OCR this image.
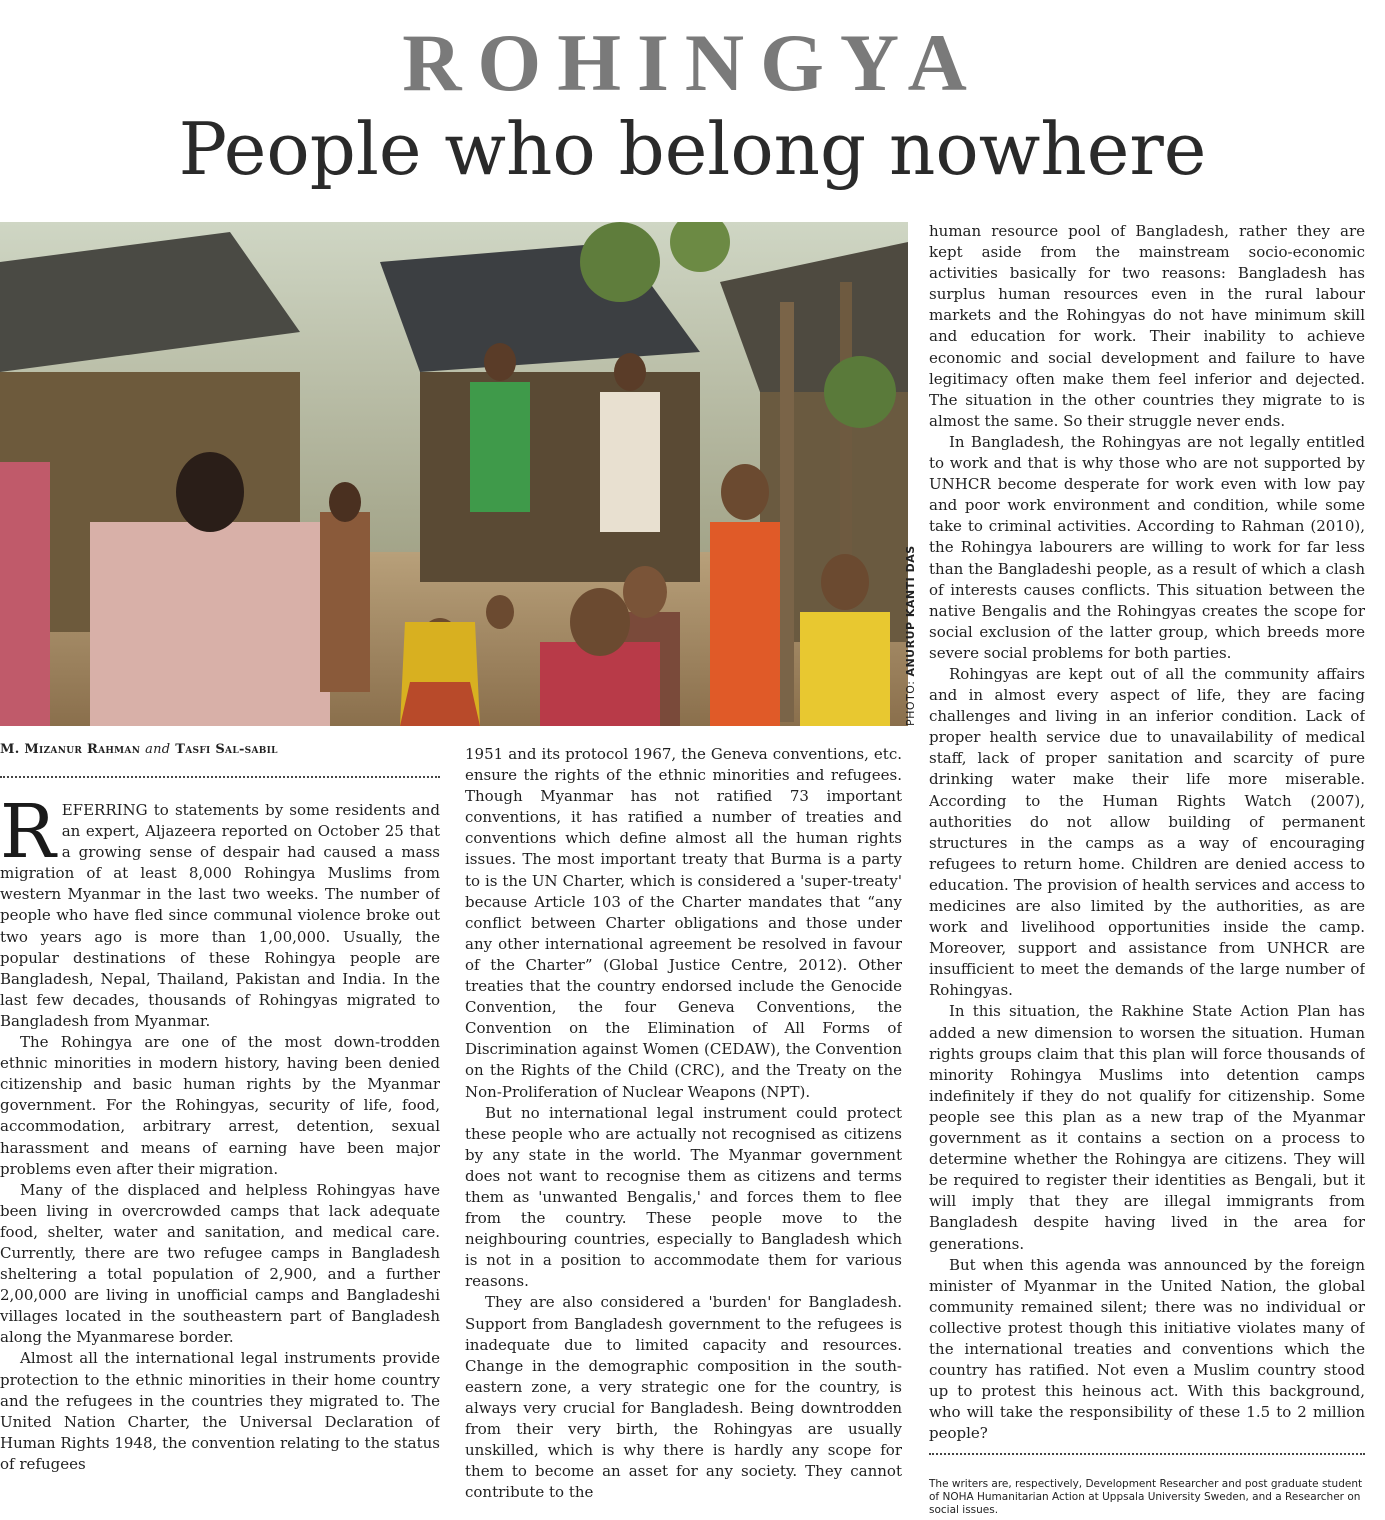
ROHINGYA
People who belong nowhere
PHOTO: ANURUP KANTI DAS
M. Mizanur Rahman and Tasfi Sal-sabil

REFERRING to statements by some residents and an expert, Aljazeera reported on October 25 that a growing sense of despair had caused a mass migration of at least 8,000 Rohingya Muslims from western Myanmar in the last two weeks. The number of people who have fled since communal violence broke out two years ago is more than 1,00,000. Usually, the popular destinations of these Rohingya people are Bangladesh, Nepal, Thailand, Pakistan and India. In the last few decades, thousands of Rohingyas migrated to Bangladesh from Myanmar.

The Rohingya are one of the most down-trodden ethnic minorities in modern history, having been denied citizenship and basic human rights by the Myanmar government. For the Rohingyas, security of life, food, accommodation, arbitrary arrest, detention, sexual harassment and means of earning have been major problems even after their migration.

Many of the displaced and helpless Rohingyas have been living in overcrowded camps that lack adequate food, shelter, water and sanitation, and medical care. Currently, there are two refugee camps in Bangladesh sheltering a total population of 2,900, and a further 2,00,000 are living in unofficial camps and Bangladeshi villages located in the southeastern part of Bangladesh along the Myanmarese border.

Almost all the international legal instruments provide protection to the ethnic minorities in their home country and the refugees in the countries they migrated to. The United Nation Charter, the Universal Declaration of Human Rights 1948, the convention relating to the status of refugees

1951 and its protocol 1967, the Geneva conventions, etc. ensure the rights of the ethnic minorities and refugees. Though Myanmar has not ratified 73 important conventions, it has ratified a number of treaties and conventions which define almost all the human rights issues. The most important treaty that Burma is a party to is the UN Charter, which is considered a 'super-treaty' because Article 103 of the Charter mandates that “any conflict between Charter obligations and those under any other international agreement be resolved in favour of the Charter” (Global Justice Centre, 2012). Other treaties that the country endorsed include the Genocide Convention, the four Geneva Conventions, the Convention on the Elimination of All Forms of Discrimination against Women (CEDAW), the Convention on the Rights of the Child (CRC), and the Treaty on the Non-Proliferation of Nuclear Weapons (NPT).

But no international legal instrument could protect these people who are actually not recognised as citizens by any state in the world. The Myanmar government does not want to recognise them as citizens and terms them as 'unwanted Bengalis,' and forces them to flee from the country. These people move to the neighbouring countries, especially to Bangladesh which is not in a position to accommodate them for various reasons.

They are also considered a 'burden' for Bangladesh. Support from Bangladesh government to the refugees is inadequate due to limited capacity and resources. Change in the demographic composition in the south-eastern zone, a very strategic one for the country, is always very crucial for Bangladesh. Being downtrodden from their very birth, the Rohingyas are usually unskilled, which is why there is hardly any scope for them to become an asset for any society. They cannot contribute to the

human resource pool of Bangladesh, rather they are kept aside from the mainstream socio-economic activities basically for two reasons: Bangladesh has surplus human resources even in the rural labour markets and the Rohingyas do not have minimum skill and education for work. Their inability to achieve economic and social development and failure to have legitimacy often make them feel inferior and dejected. The situation in the other countries they migrate to is almost the same. So their struggle never ends.

In Bangladesh, the Rohingyas are not legally entitled to work and that is why those who are not supported by UNHCR become desperate for work even with low pay and poor work environment and condition, while some take to criminal activities. According to Rahman (2010), the Rohingya labourers are willing to work for far less than the Bangladeshi people, as a result of which a clash of interests causes conflicts. This situation between the native Bengalis and the Rohingyas creates the scope for social exclusion of the latter group, which breeds more severe social problems for both parties.

Rohingyas are kept out of all the community affairs and in almost every aspect of life, they are facing challenges and living in an inferior condition. Lack of proper health service due to unavailability of medical staff, lack of proper sanitation and scarcity of pure drinking water make their life more miserable. According to the Human Rights Watch (2007), authorities do not allow building of permanent structures in the camps as a way of encouraging refugees to return home. Children are denied access to education. The provision of health services and access to medicines are also limited by the authorities, as are work and livelihood opportunities inside the camp. Moreover, support and assistance from UNHCR are insufficient to meet the demands of the large number of Rohingyas.

In this situation, the Rakhine State Action Plan has added a new dimension to worsen the situation. Human rights groups claim that this plan will force thousands of minority Rohingya Muslims into detention camps indefinitely if they do not qualify for citizenship. Some people see this plan as a new trap of the Myanmar government as it contains a section on a process to determine whether the Rohingya are citizens. They will be required to register their identities as Bengali, but it will imply that they are illegal immigrants from Bangladesh despite having lived in the area for generations.

But when this agenda was announced by the foreign minister of Myanmar in the United Nation, the global community remained silent; there was no individual or collective protest though this initiative violates many of the international treaties and conventions which the country has ratified. Not even a Muslim country stood up to protest this heinous act. With this background, who will take the responsibility of these 1.5 to 2 million people?

The writers are, respectively, Development Researcher and post graduate student of NOHA Humanitarian Action at Uppsala University Sweden, and a Researcher on social issues.
